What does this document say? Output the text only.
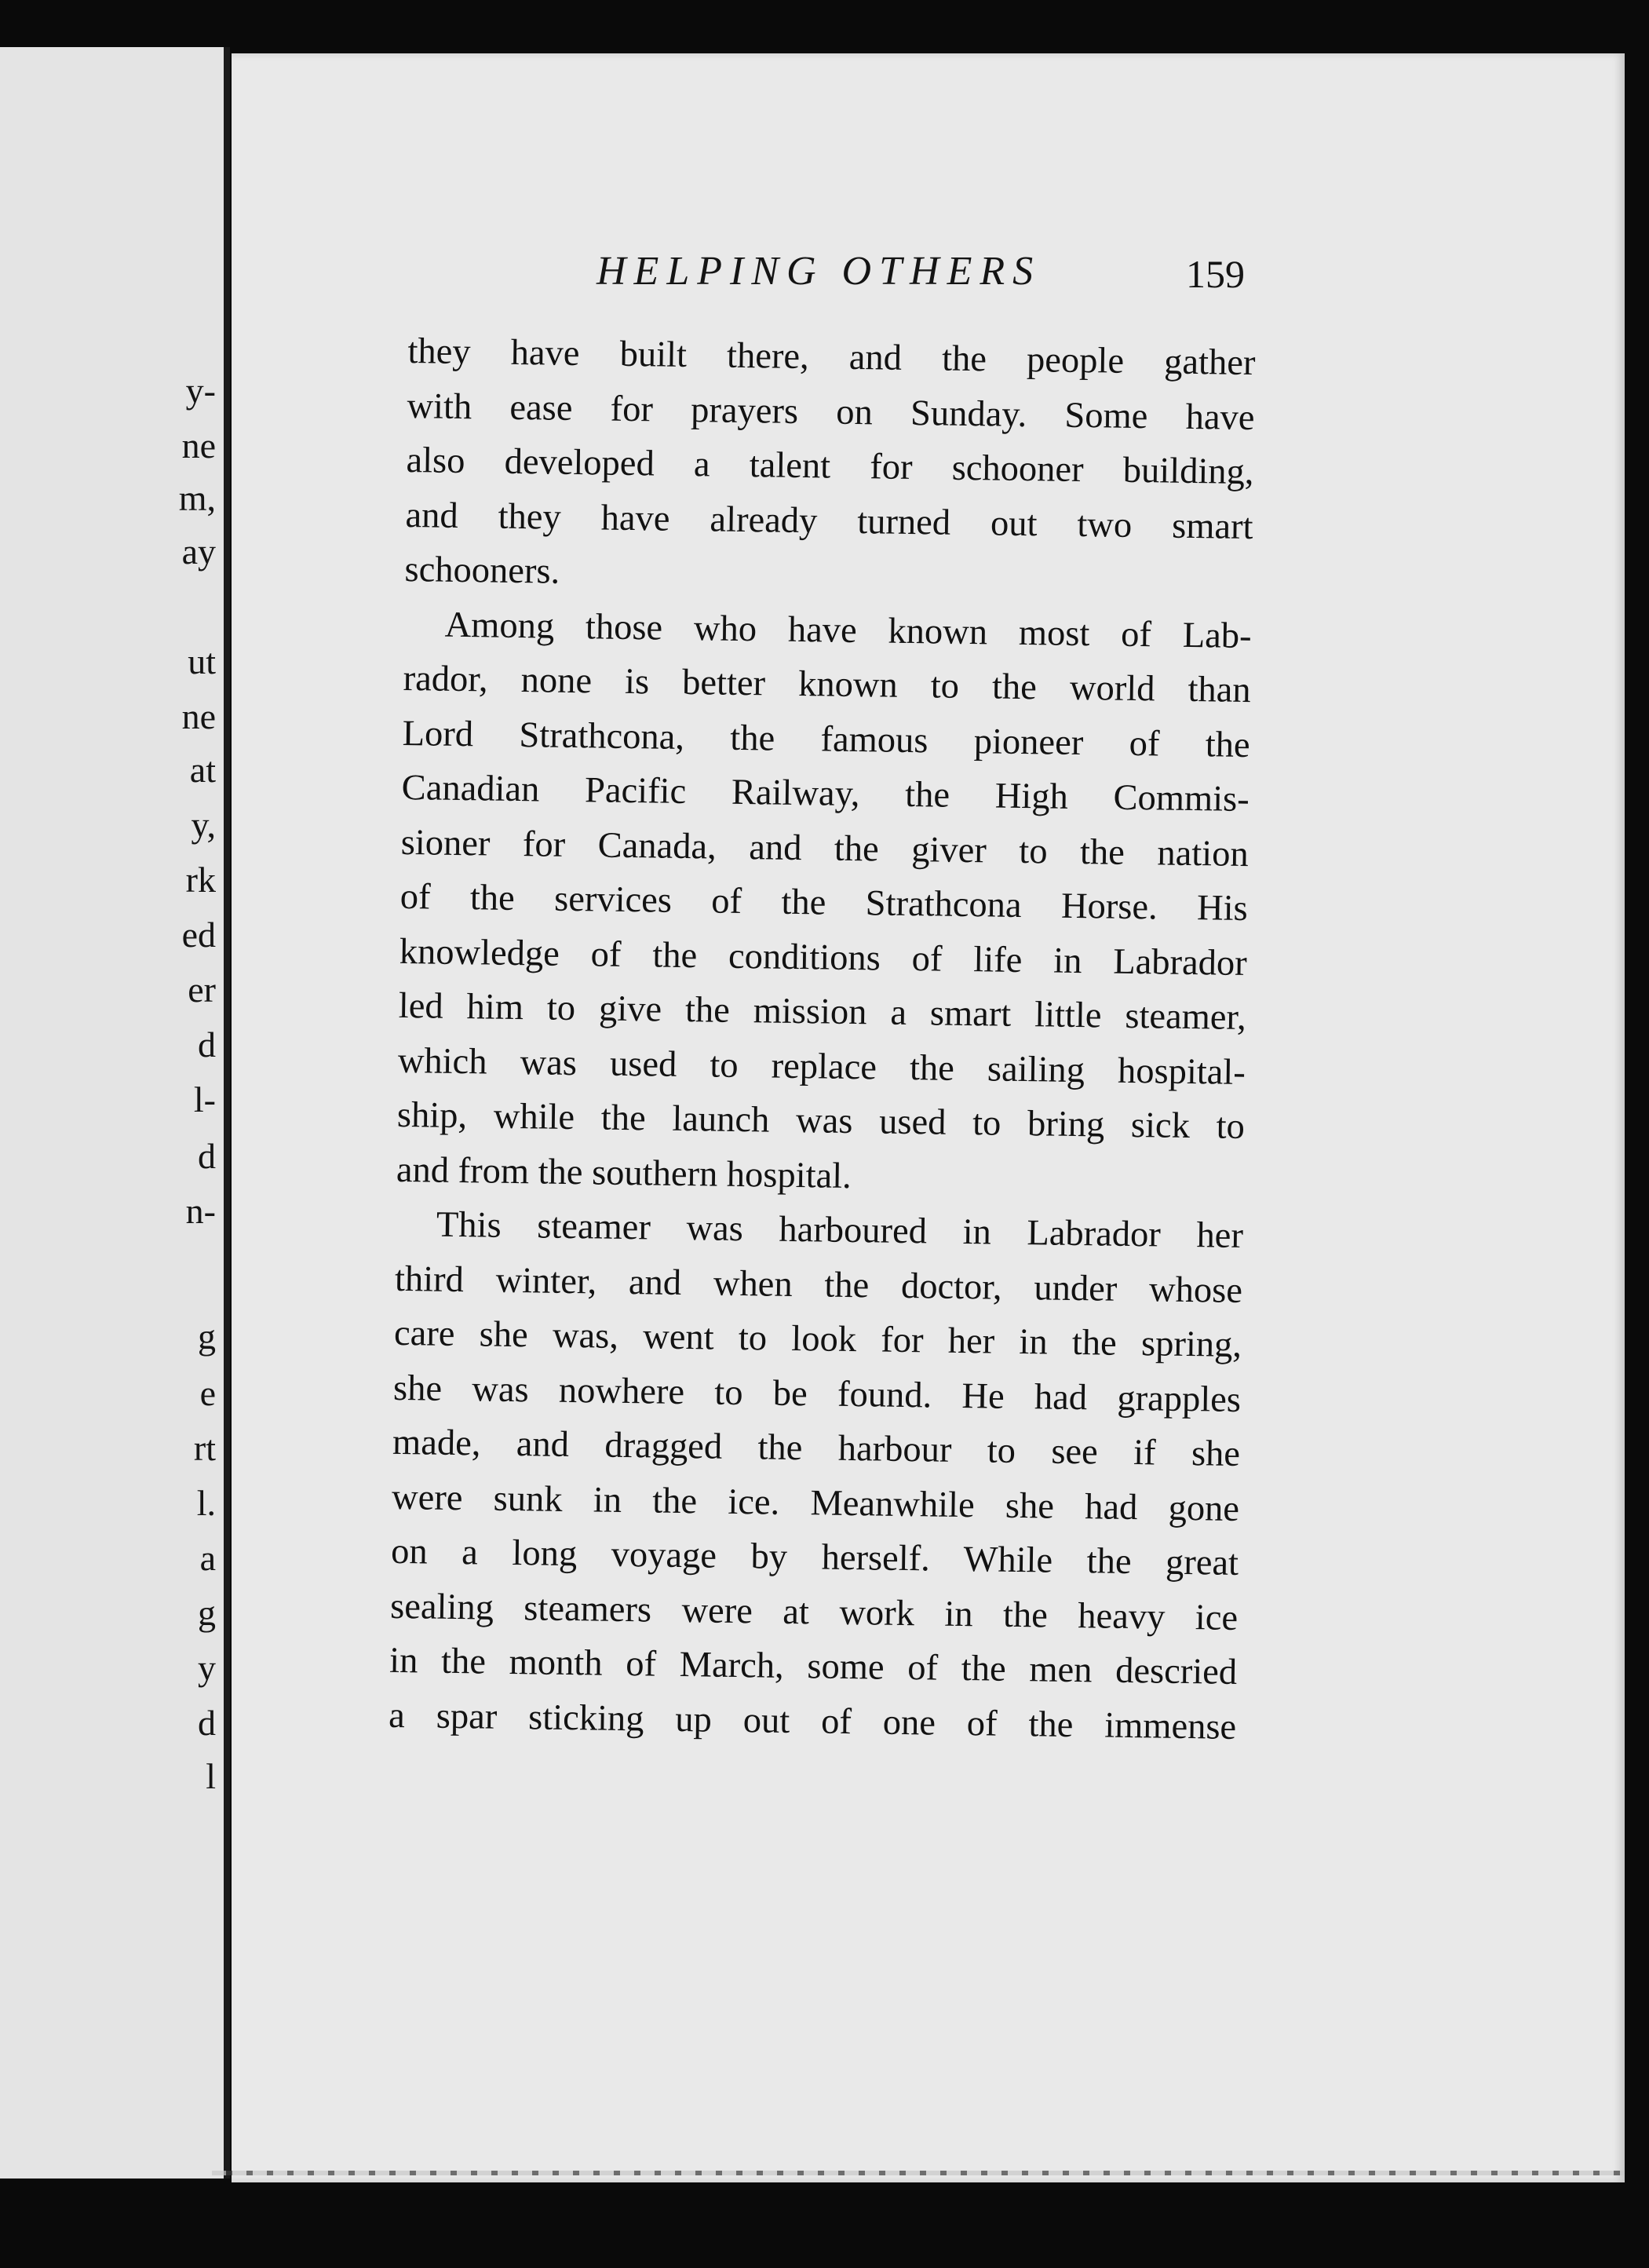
y-
ne
m,
ay
ut
ne
at
y,
rk
ed
er
d
l-
d
n-
g
e
rt
l.
a
g
y
d
l
HELPING OTHERS	159
they have built there, and the people gather
with ease for prayers on Sunday. Some have
also developed a talent for schooner building,
and they have already turned out two smart
schooners.
Among those who have known most of Lab-
rador, none is better known to the world than
Lord Strathcona, the famous pioneer of the
Canadian Pacific Railway, the High Commis-
sioner for Canada, and the giver to the nation
of the services of the Strathcona Horse. His
knowledge of the conditions of life in Labrador
led him to give the mission a smart little steamer,
which was used to replace the sailing hospital-
ship, while the launch was used to bring sick to
and from the southern hospital.
This steamer was harboured in Labrador her
third winter, and when the doctor, under whose
care she was, went to look for her in the spring,
she was nowhere to be found. He had grapples
made, and dragged the harbour to see if she
were sunk in the ice. Meanwhile she had gone
on a long voyage by herself. While the great
sealing steamers were at work in the heavy ice
in the month of March, some of the men descried
a spar sticking up out of one of the immense
